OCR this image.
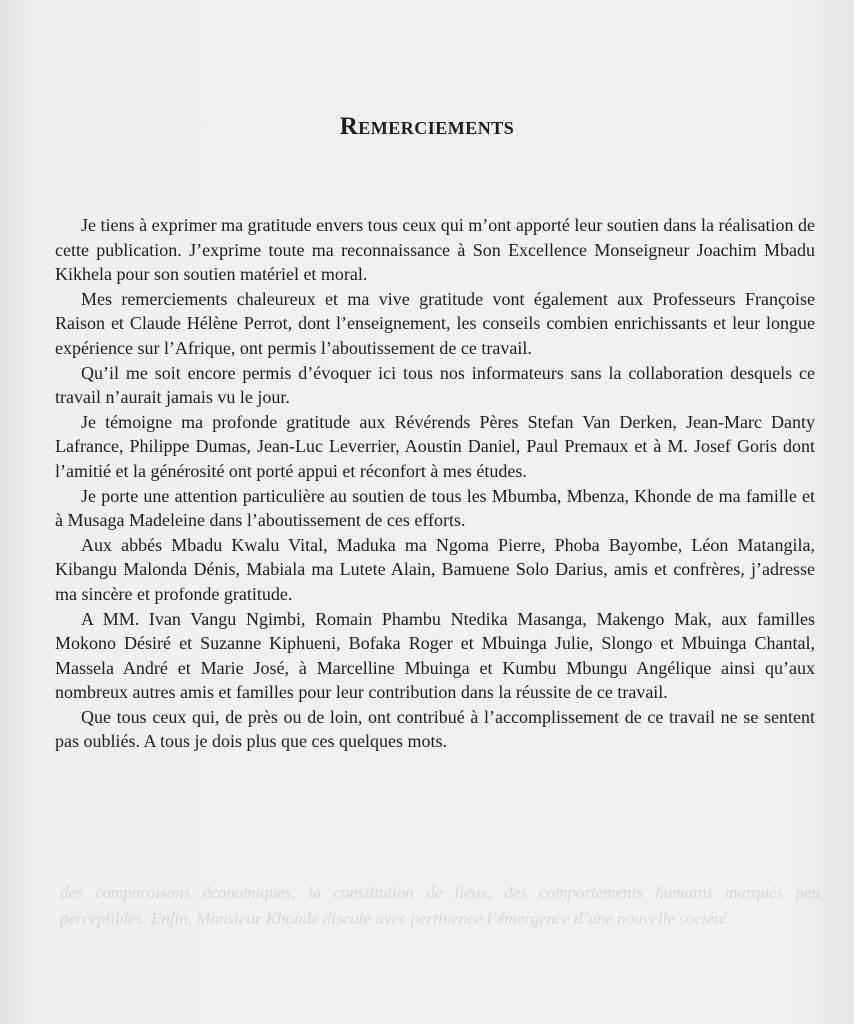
des comparaisons économiques, la constitution de lieux, des comportements humains marqués peu perceptibles. Enfin, Monsieur Khonde discute avec pertinence l’émergence d’une nouvelle société.
Remerciements

Je tiens à exprimer ma gratitude envers tous ceux qui m’ont apporté leur soutien dans la réalisation de cette publication. J’exprime toute ma reconnaissance à Son Excellence Monseigneur Joachim Mbadu Kikhela pour son soutien matériel et moral.

Mes remerciements chaleureux et ma vive gratitude vont également aux Professeurs Françoise Raison et Claude Hélène Perrot, dont l’enseignement, les conseils combien enrichissants et leur longue expérience sur l’Afrique, ont permis l’aboutissement de ce travail.

Qu’il me soit encore permis d’évoquer ici tous nos informateurs sans la collaboration desquels ce travail n’aurait jamais vu le jour.

Je témoigne ma profonde gratitude aux Révérends Pères Stefan Van Derken, Jean-Marc Danty Lafrance, Philippe Dumas, Jean-Luc Leverrier, Aoustin Daniel, Paul Premaux et à M. Josef Goris dont l’amitié et la générosité ont porté appui et réconfort à mes études.

Je porte une attention particulière au soutien de tous les Mbumba, Mbenza, Khonde de ma famille et à Musaga Madeleine dans l’aboutissement de ces efforts.

Aux abbés Mbadu Kwalu Vital, Maduka ma Ngoma Pierre, Phoba Bayombe, Léon Matangila, Kibangu Malonda Dénis, Mabiala ma Lutete Alain, Bamuene Solo Darius, amis et confrères, j’adresse ma sincère et profonde gratitude.

A MM. Ivan Vangu Ngimbi, Romain Phambu Ntedika Masanga, Makengo Mak, aux familles Mokono Désiré et Suzanne Kiphueni, Bofaka Roger et Mbuinga Julie, Slongo et Mbuinga Chantal, Massela André et Marie José, à Marcelline Mbuinga et Kumbu Mbungu Angélique ainsi qu’aux nombreux autres amis et familles pour leur contribution dans la réussite de ce travail.

Que tous ceux qui, de près ou de loin, ont contribué à l’accomplissement de ce travail ne se sentent pas oubliés. A tous je dois plus que ces quelques mots.
